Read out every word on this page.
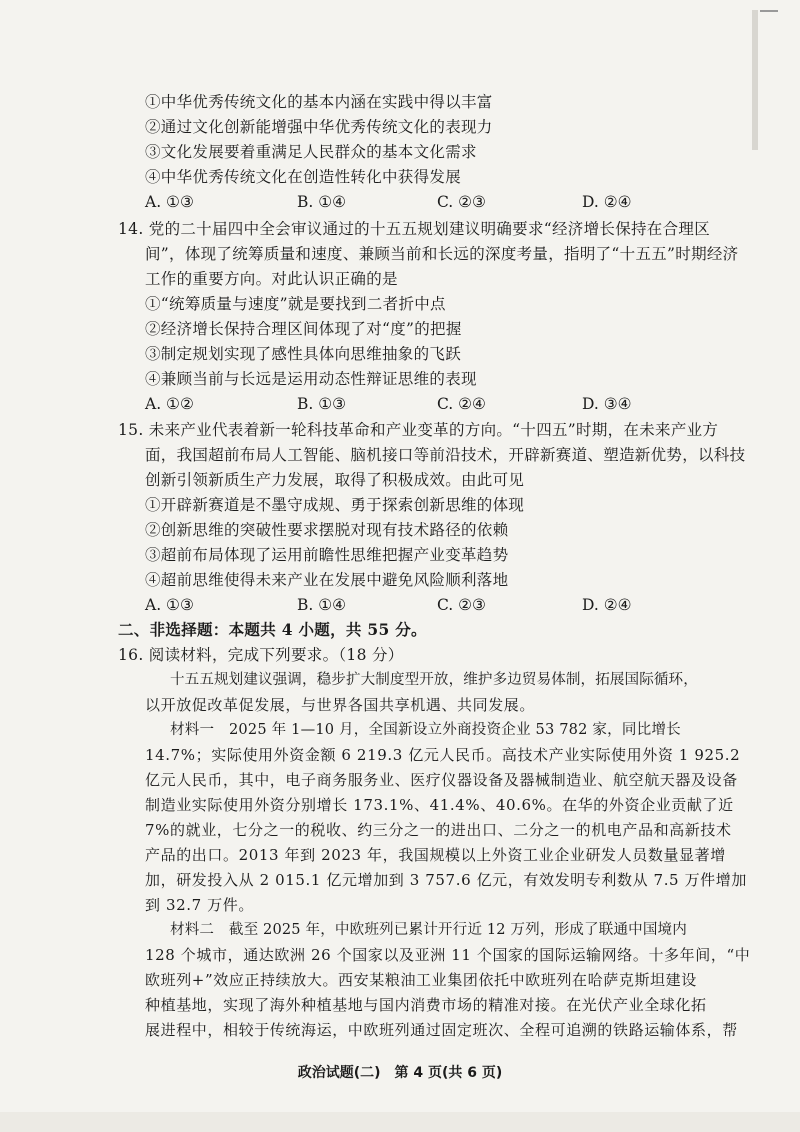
①中华优秀传统文化的基本内涵在实践中得以丰富
②通过文化创新能增强中华优秀传统文化的表现力
③文化发展要着重满足人民群众的基本文化需求
④中华优秀传统文化在创造性转化中获得发展
A. ①③	B. ①④	C. ②③	D. ②④
14. 党的二十届四中全会审议通过的十五五规划建议明确要求“经济增长保持在合理区
间”，体现了统筹质量和速度、兼顾当前和长远的深度考量，指明了“十五五”时期经济
工作的重要方向。对此认识正确的是
①“统筹质量与速度”就是要找到二者折中点
②经济增长保持合理区间体现了对“度”的把握
③制定规划实现了感性具体向思维抽象的飞跃
④兼顾当前与长远是运用动态性辩证思维的表现
A. ①②	B. ①③	C. ②④	D. ③④
15. 未来产业代表着新一轮科技革命和产业变革的方向。“十四五”时期，在未来产业方
面，我国超前布局人工智能、脑机接口等前沿技术，开辟新赛道、塑造新优势，以科技
创新引领新质生产力发展，取得了积极成效。由此可见
①开辟新赛道是不墨守成规、勇于探索创新思维的体现
②创新思维的突破性要求摆脱对现有技术路径的依赖
③超前布局体现了运用前瞻性思维把握产业变革趋势
④超前思维使得未来产业在发展中避免风险顺利落地
A. ①③	B. ①④	C. ②③	D. ②④
二、非选择题：本题共 4 小题，共 55 分。
16. 阅读材料，完成下列要求。（18 分）
十五五规划建议强调，稳步扩大制度型开放，维护多边贸易体制，拓展国际循环，
以开放促改革促发展，与世界各国共享机遇、共同发展。
材料一　2025 年 1—10 月，全国新设立外商投资企业 53 782 家，同比增长
14.7%；实际使用外资金额 6 219.3 亿元人民币。高技术产业实际使用外资 1 925.2
亿元人民币，其中，电子商务服务业、医疗仪器设备及器械制造业、航空航天器及设备
制造业实际使用外资分别增长 173.1%、41.4%、40.6%。在华的外资企业贡献了近
7%的就业，七分之一的税收、约三分之一的进出口、二分之一的机电产品和高新技术
产品的出口。2013 年到 2023 年，我国规模以上外资工业企业研发人员数量显著增
加，研发投入从 2 015.1 亿元增加到 3 757.6 亿元，有效发明专利数从 7.5 万件增加
到 32.7 万件。
材料二　截至 2025 年，中欧班列已累计开行近 12 万列，形成了联通中国境内
128 个城市，通达欧洲 26 个国家以及亚洲 11 个国家的国际运输网络。十多年间，“中
欧班列+”效应正持续放大。西安某粮油工业集团依托中欧班列在哈萨克斯坦建设
种植基地，实现了海外种植基地与国内消费市场的精准对接。在光伏产业全球化拓
展进程中，相较于传统海运，中欧班列通过固定班次、全程可追溯的铁路运输体系，帮
政治试题(二)　第 4 页(共 6 页)
